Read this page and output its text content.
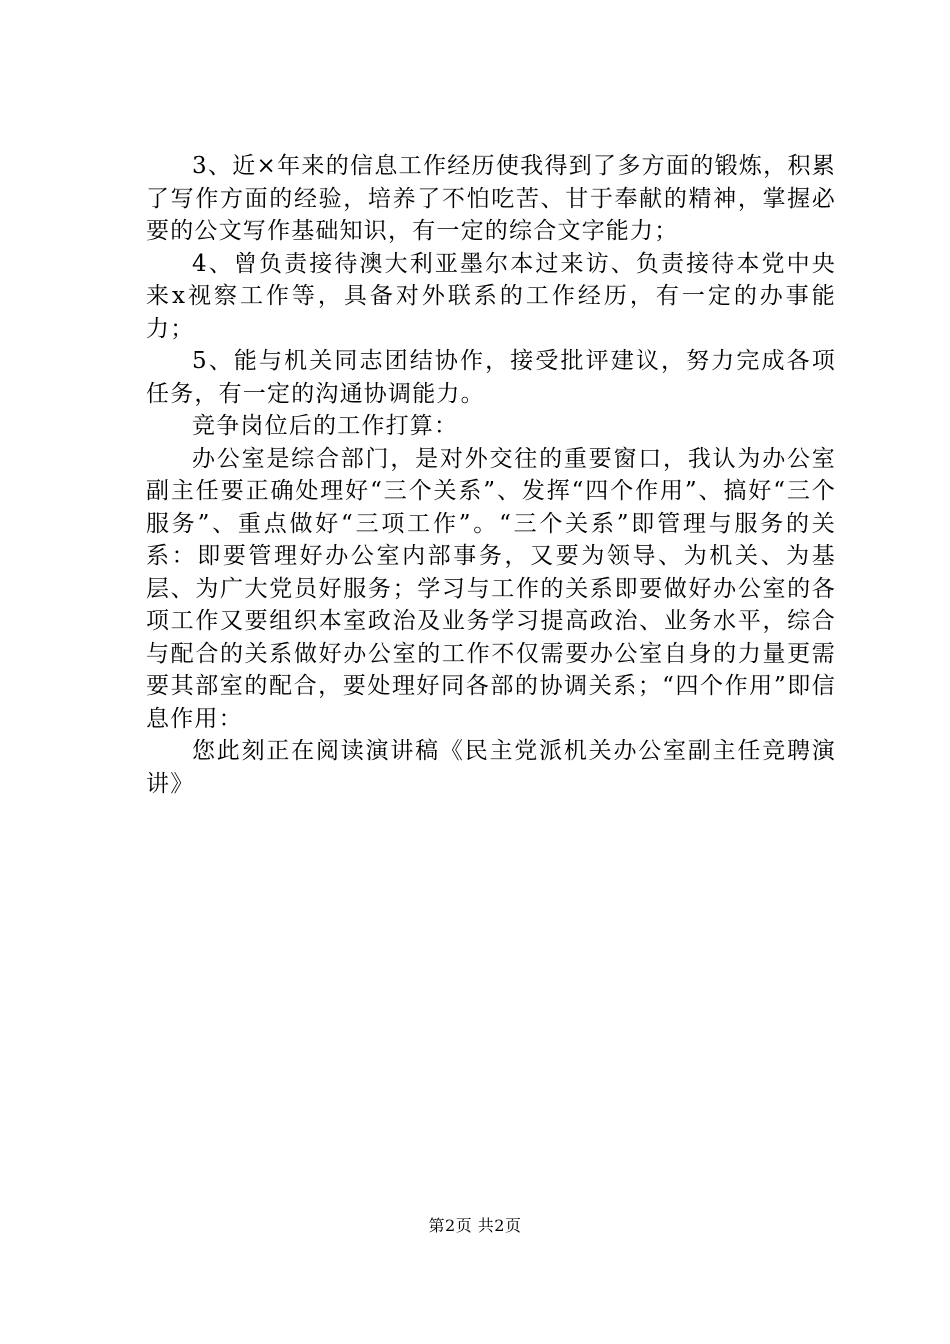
3、近×年来的信息工作经历使我得到了多方面的锻炼，积累了写作方面的经验，培养了不怕吃苦、甘于奉献的精神，掌握必要的公文写作基础知识，有一定的综合文字能力；

4、曾负责接待澳大利亚墨尔本过来访、负责接待本党中央来x视察工作等，具备对外联系的工作经历，有一定的办事能力；

5、能与机关同志团结协作，接受批评建议，努力完成各项任务，有一定的沟通协调能力。

竞争岗位后的工作打算：

办公室是综合部门，是对外交往的重要窗口，我认为办公室副主任要正确处理好“三个关系”、发挥“四个作用”、搞好“三个服务”、重点做好“三项工作”。“三个关系”即管理与服务的关系：即要管理好办公室内部事务，又要为领导、为机关、为基层、为广大党员好服务；学习与工作的关系即要做好办公室的各项工作又要组织本室政治及业务学习提高政治、业务水平，综合与配合的关系做好办公室的工作不仅需要办公室自身的力量更需要其部室的配合，要处理好同各部的协调关系；“四个作用”即信息作用：

您此刻正在阅读演讲稿《民主党派机关办公室副主任竞聘演讲》

第2页 共2页
